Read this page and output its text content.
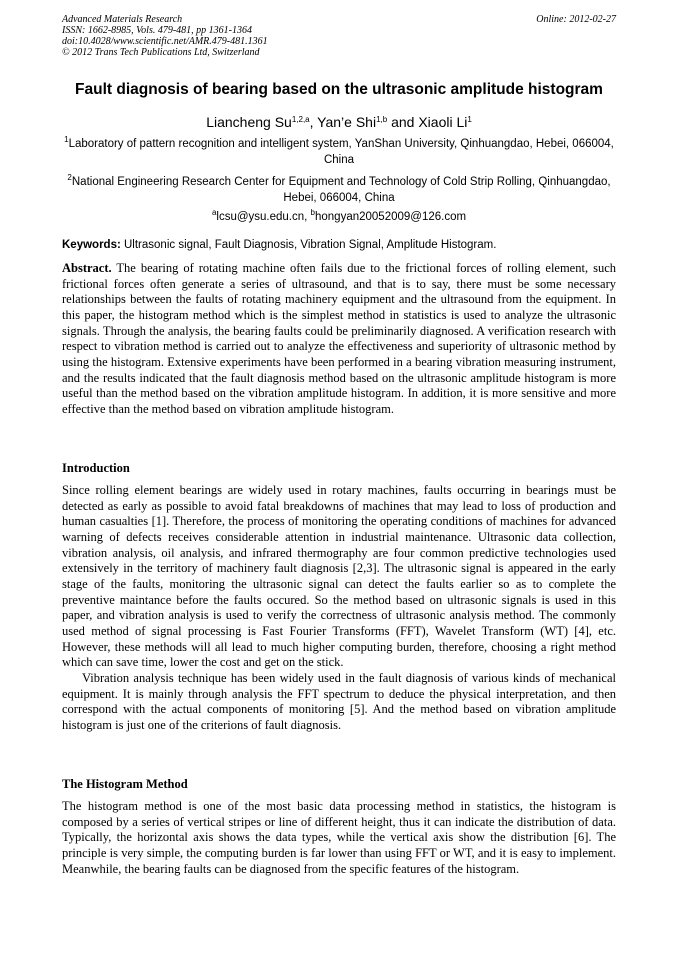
Advanced Materials Research
ISSN: 1662-8985, Vols. 479-481, pp 1361-1364
doi:10.4028/www.scientific.net/AMR.479-481.1361
© 2012 Trans Tech Publications Ltd, Switzerland
Online: 2012-02-27
Fault diagnosis of bearing based on the ultrasonic amplitude histogram
Liancheng Su$^{1,2,a}$, Yan’e Shi$^{1,b}$ and Xiaoli Li$^1$
$^1$Laboratory of pattern recognition and intelligent system, YanShan University, Qinhuangdao, Hebei, 066004, China
$^2$National Engineering Research Center for Equipment and Technology of Cold Strip Rolling, Qinhuangdao, Hebei, 066004, China
$^a$lcsu@ysu.edu.cn, $^b$hongyan20052009@126.com
Keywords: Ultrasonic signal, Fault Diagnosis, Vibration Signal, Amplitude Histogram.
Abstract. The bearing of rotating machine often fails due to the frictional forces of rolling element, such frictional forces often generate a series of ultrasound, and that is to say, there must be some necessary relationships between the faults of rotating machinery equipment and the ultrasound from the equipment. In this paper, the histogram method which is the simplest method in statistics is used to analyze the ultrasonic signals. Through the analysis, the bearing faults could be preliminarily diagnosed. A verification research with respect to vibration method is carried out to analyze the effectiveness and superiority of ultrasonic method by using the histogram. Extensive experiments have been performed in a bearing vibration measuring instrument, and the results indicated that the fault diagnosis method based on the ultrasonic amplitude histogram is more useful than the method based on the vibration amplitude histogram. In addition, it is more sensitive and more effective than the method based on vibration amplitude histogram.
Introduction

Since rolling element bearings are widely used in rotary machines, faults occurring in bearings must be detected as early as possible to avoid fatal breakdowns of machines that may lead to loss of production and human casualties [1]. Therefore, the process of monitoring the operating conditions of machines for advanced warning of defects receives considerable attention in industrial maintenance. Ultrasonic data collection, vibration analysis, oil analysis, and infrared thermography are four common predictive technologies used extensively in the territory of machinery fault diagnosis [2,3]. The ultrasonic signal is appeared in the early stage of the faults, monitoring the ultrasonic signal can detect the faults earlier so as to complete the preventive maintance before the faults occured. So the method based on ultrasonic signals is used in this paper, and vibration analysis is used to verify the correctness of ultrasonic analysis method. The commonly used method of signal processing is Fast Fourier Transforms (FFT), Wavelet Transform (WT) [4], etc. However, these methods will all lead to much higher computing burden, therefore, choosing a right method which can save time, lower the cost and get on the stick.

Vibration analysis technique has been widely used in the fault diagnosis of various kinds of mechanical equipment. It is mainly through analysis the FFT spectrum to deduce the physical interpretation, and then correspond with the actual components of monitoring [5]. And the method based on vibration amplitude histogram is just one of the criterions of fault diagnosis.

The Histogram Method

The histogram method is one of the most basic data processing method in statistics, the histogram is composed by a series of vertical stripes or line of different height, thus it can indicate the distribution of data. Typically, the horizontal axis shows the data types, while the vertical axis show the distribution [6]. The principle is very simple, the computing burden is far lower than using FFT or WT, and it is easy to implement. Meanwhile, the bearing faults can be diagnosed from the specific features of the histogram.
